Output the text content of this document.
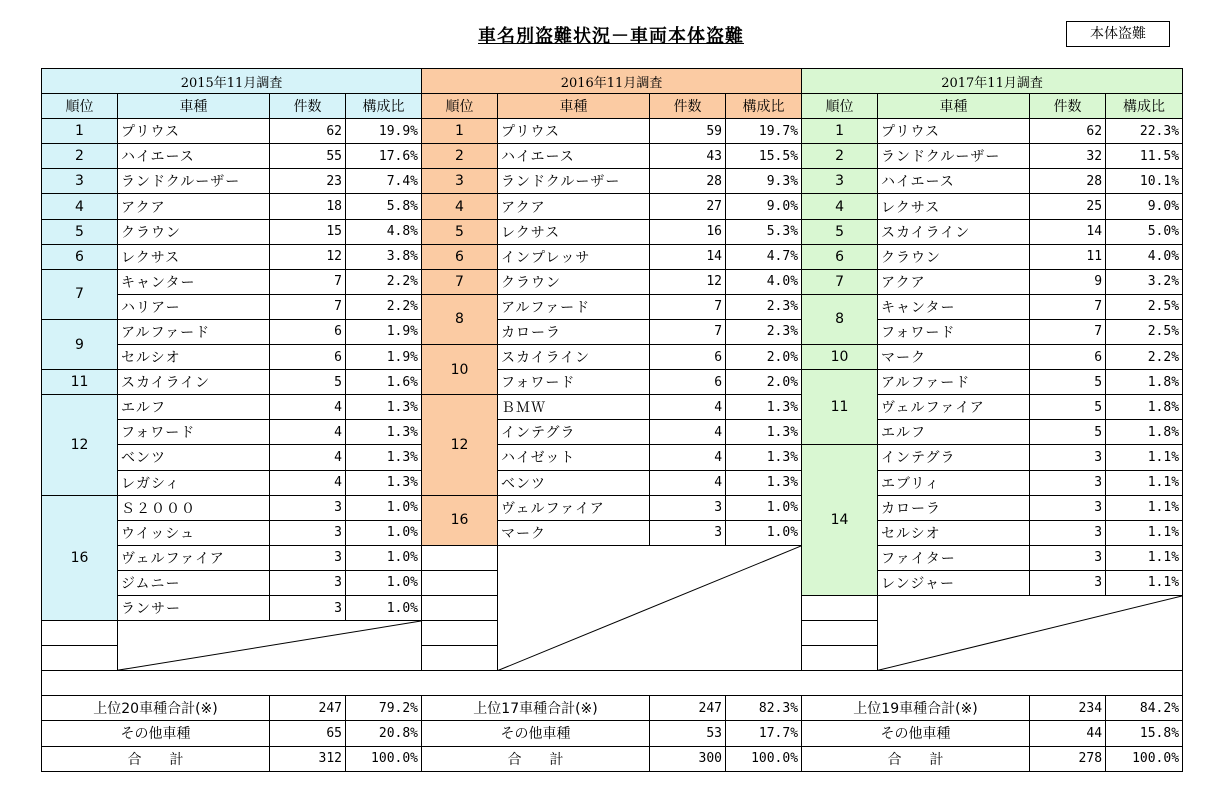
車名別盗難状況－車両本体盗難	本体盗難
2015年11月調査				2016年11月調査				2017年11月調査			
順位	車種	件数	構成比	順位	車種	件数	構成比	順位	車種	件数	構成比
1	プリウス	62	19.9%	1	プリウス	59	19.7%	1	プリウス	62	22.3%
2	ハイエース	55	17.6%	2	ハイエース	43	15.5%	2	ランドクルーザー	32	11.5%
3	ランドクルーザー	23	7.4%	3	ランドクルーザー	28	9.3%	3	ハイエース	28	10.1%
4	アクア	18	5.8%	4	アクア	27	9.0%	4	レクサス	25	9.0%
5	クラウン	15	4.8%	5	レクサス	16	5.3%	5	スカイライン	14	5.0%
6	レクサス	12	3.8%	6	インプレッサ	14	4.7%	6	クラウン	11	4.0%
7	キャンター	7	2.2%	7	クラウン	12	4.0%	7	アクア	9	3.2%
	ハリアー	7	2.2%	8	アルファード	7	2.3%	8	キャンター	7	2.5%
9	アルファード	6	1.9%		カローラ	7	2.3%		フォワード	7	2.5%
	セルシオ	6	1.9%	10	スカイライン	6	2.0%	10	マーク	6	2.2%
11	スカイライン	5	1.6%		フォワード	6	2.0%	11	アルファード	5	1.8%
12	エルフ	4	1.3%	12	ＢＭＷ	4	1.3%		ヴェルファイア	5	1.8%
	フォワード	4	1.3%		インテグラ	4	1.3%		エルフ	5	1.8%
	ベンツ	4	1.3%		ハイゼット	4	1.3%	14	インテグラ	3	1.1%
	レガシィ	4	1.3%		ベンツ	4	1.3%		エブリィ	3	1.1%
16	Ｓ２０００	3	1.0%	16	ヴェルファイア	3	1.0%		カローラ	3	1.1%
	ウイッシュ	3	1.0%		マーク	3	1.0%		セルシオ	3	1.1%
	ヴェルファイア	3	1.0%						ファイター	3	1.1%
	ジムニー	3	1.0%						レンジャー	3	1.1%
	ランサー	3	1.0%			

上位20車種合計(※)		247	79.2%	上位17車種合計(※)		247	82.3%	上位19車種合計(※)		234	84.2%
その他車種		65	20.8%	その他車種		53	17.7%	その他車種		44	15.8%
合　　計		312	100.0%	合　　計		300	100.0%	合　　計		278	100.0%
